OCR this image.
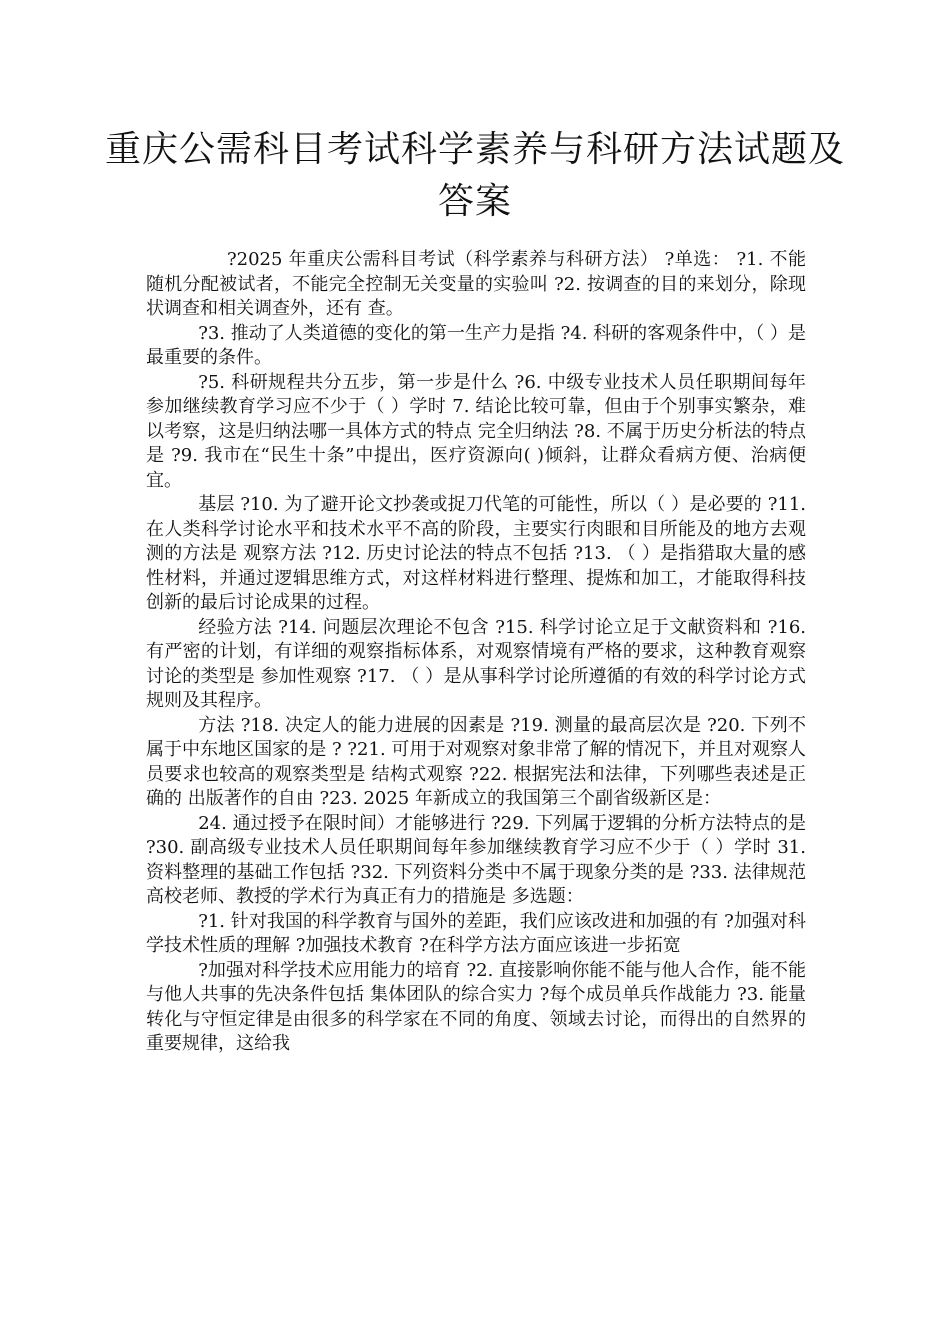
重庆公需科目考试科学素养与科研方法试题及答案

?2025 年重庆公需科目考试（科学素养与科研方法） ?单选： ?1. 不能随机分配被试者，不能完全控制无关变量的实验叫 ?2. 按调查的目的来划分，除现状调查和相关调查外，还有 查。

?3. 推动了人类道德的变化的第一生产力是指 ?4. 科研的客观条件中，（ ）是最重要的条件。

?5. 科研规程共分五步，第一步是什么 ?6. 中级专业技术人员任职期间每年参加继续教育学习应不少于（ ）学时 7. 结论比较可靠，但由于个别事实繁杂，难以考察，这是归纳法哪一具体方式的特点 完全归纳法 ?8. 不属于历史分析法的特点是 ?9. 我市在“民生十条”中提出，医疗资源向( )倾斜，让群众看病方便、治病便宜。

基层 ?10. 为了避开论文抄袭或捉刀代笔的可能性，所以（ ）是必要的 ?11. 在人类科学讨论水平和技术水平不高的阶段，主要实行肉眼和目所能及的地方去观测的方法是 观察方法 ?12. 历史讨论法的特点不包括 ?13. （ ）是指猎取大量的感性材料，并通过逻辑思维方式，对这样材料进行整理、提炼和加工，才能取得科技创新的最后讨论成果的过程。

经验方法 ?14. 问题层次理论不包含 ?15. 科学讨论立足于文献资料和 ?16. 有严密的计划，有详细的观察指标体系，对观察情境有严格的要求，这种教育观察讨论的类型是 参加性观察 ?17. （ ）是从事科学讨论所遵循的有效的科学讨论方式规则及其程序。

方法 ?18. 决定人的能力进展的因素是 ?19. 测量的最高层次是 ?20. 下列不属于中东地区国家的是 ? ?21. 可用于对观察对象非常了解的情况下，并且对观察人员要求也较高的观察类型是 结构式观察 ?22. 根据宪法和法律，下列哪些表述是正确的 出版著作的自由 ?23. 2025 年新成立的我国第三个副省级新区是：

24. 通过授予在限时间）才能够进行 ?29. 下列属于逻辑的分析方法特点的是 ?30. 副高级专业技术人员任职期间每年参加继续教育学习应不少于（ ）学时 31. 资料整理的基础工作包括 ?32. 下列资料分类中不属于现象分类的是 ?33. 法律规范高校老师、教授的学术行为真正有力的措施是 多选题：

?1. 针对我国的科学教育与国外的差距，我们应该改进和加强的有 ?加强对科学技术性质的理解 ?加强技术教育 ?在科学方法方面应该进一步拓宽

?加强对科学技术应用能力的培育 ?2. 直接影响你能不能与他人合作，能不能与他人共事的先决条件包括 集体团队的综合实力 ?每个成员单兵作战能力 ?3. 能量转化与守恒定律是由很多的科学家在不同的角度、领域去讨论，而得出的自然界的重要规律，这给我
